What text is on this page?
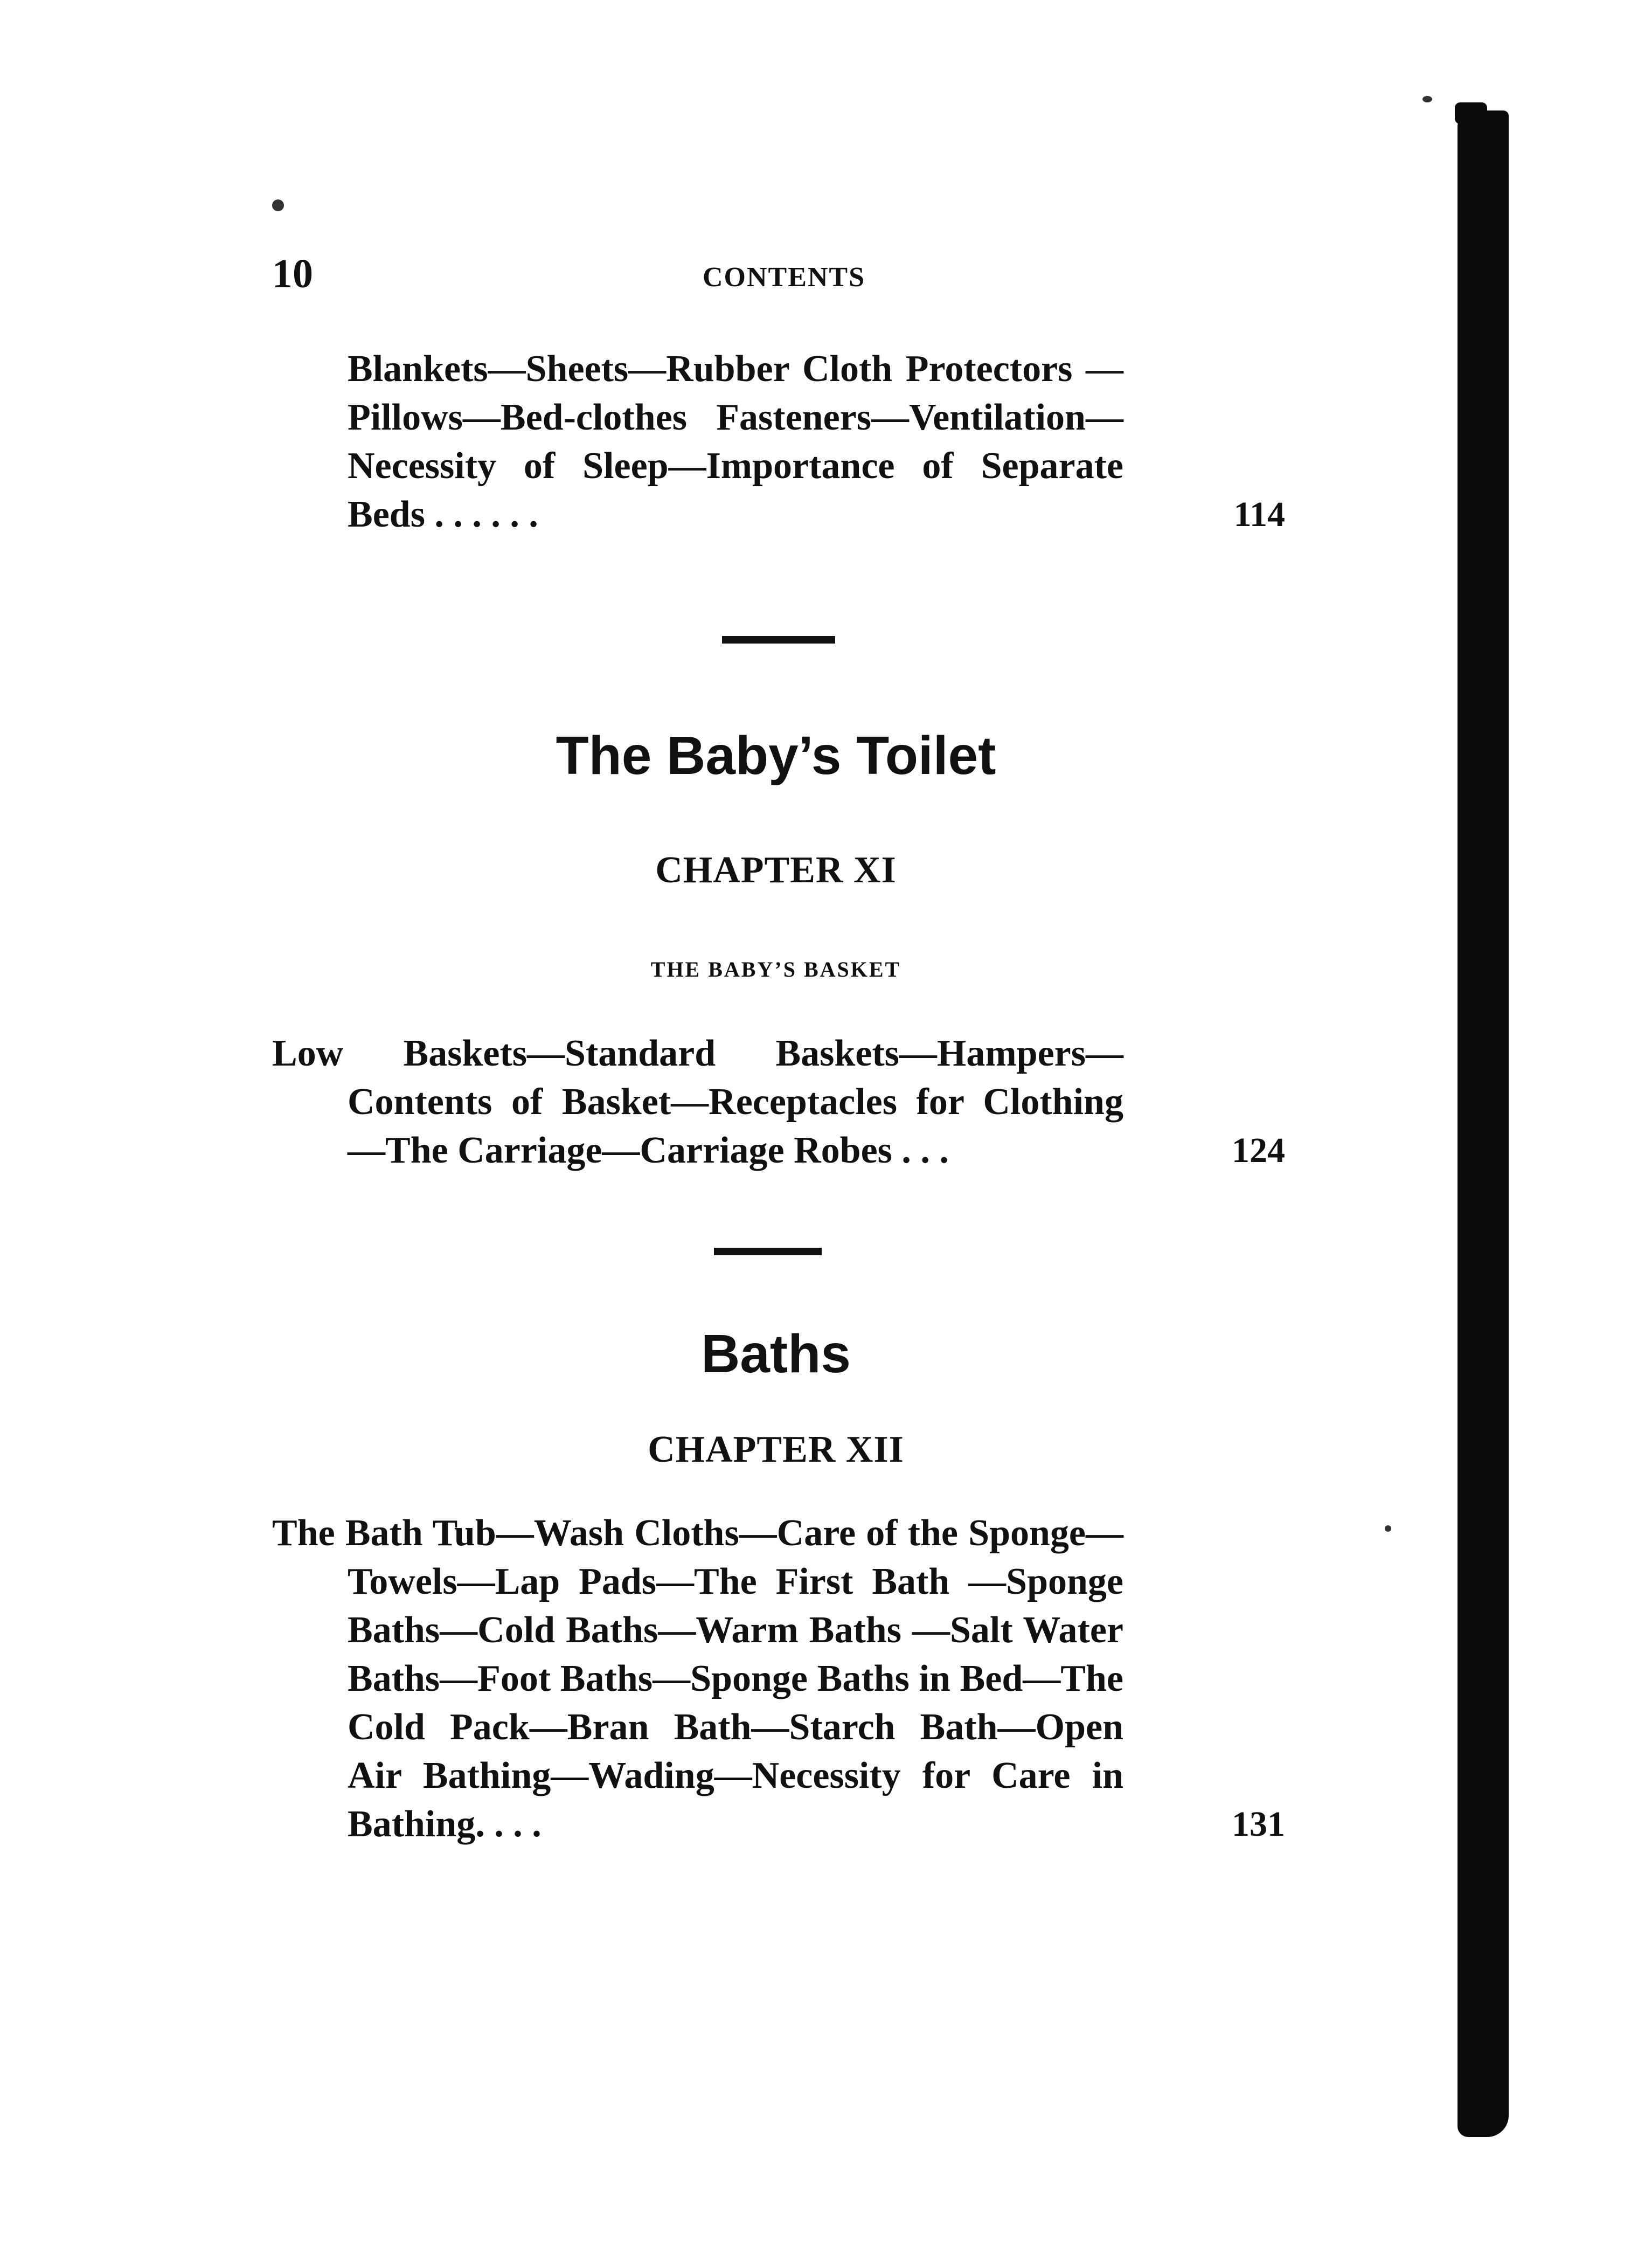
10	CONTENTS
Blankets—Sheets—Rubber Cloth Protectors —Pillows—Bed-clothes Fasteners—Ventilation—Necessity of Sleep—Importance of Separate Beds . . . . . .	114
The Baby’s Toilet
CHAPTER XI
THE BABY’S BASKET
Low Baskets—Standard Baskets—Hampers—Contents of Basket—Receptacles for Clothing —The Carriage—Carriage Robes . . .	124
Baths
CHAPTER XII
The Bath Tub—Wash Cloths—Care of the Sponge—Towels—Lap Pads—The First Bath —Sponge Baths—Cold Baths—Warm Baths —Salt Water Baths—Foot Baths—Sponge Baths in Bed—The Cold Pack—Bran Bath—Starch Bath—Open Air Bathing—Wading—Necessity for Care in Bathing. . . .	131
